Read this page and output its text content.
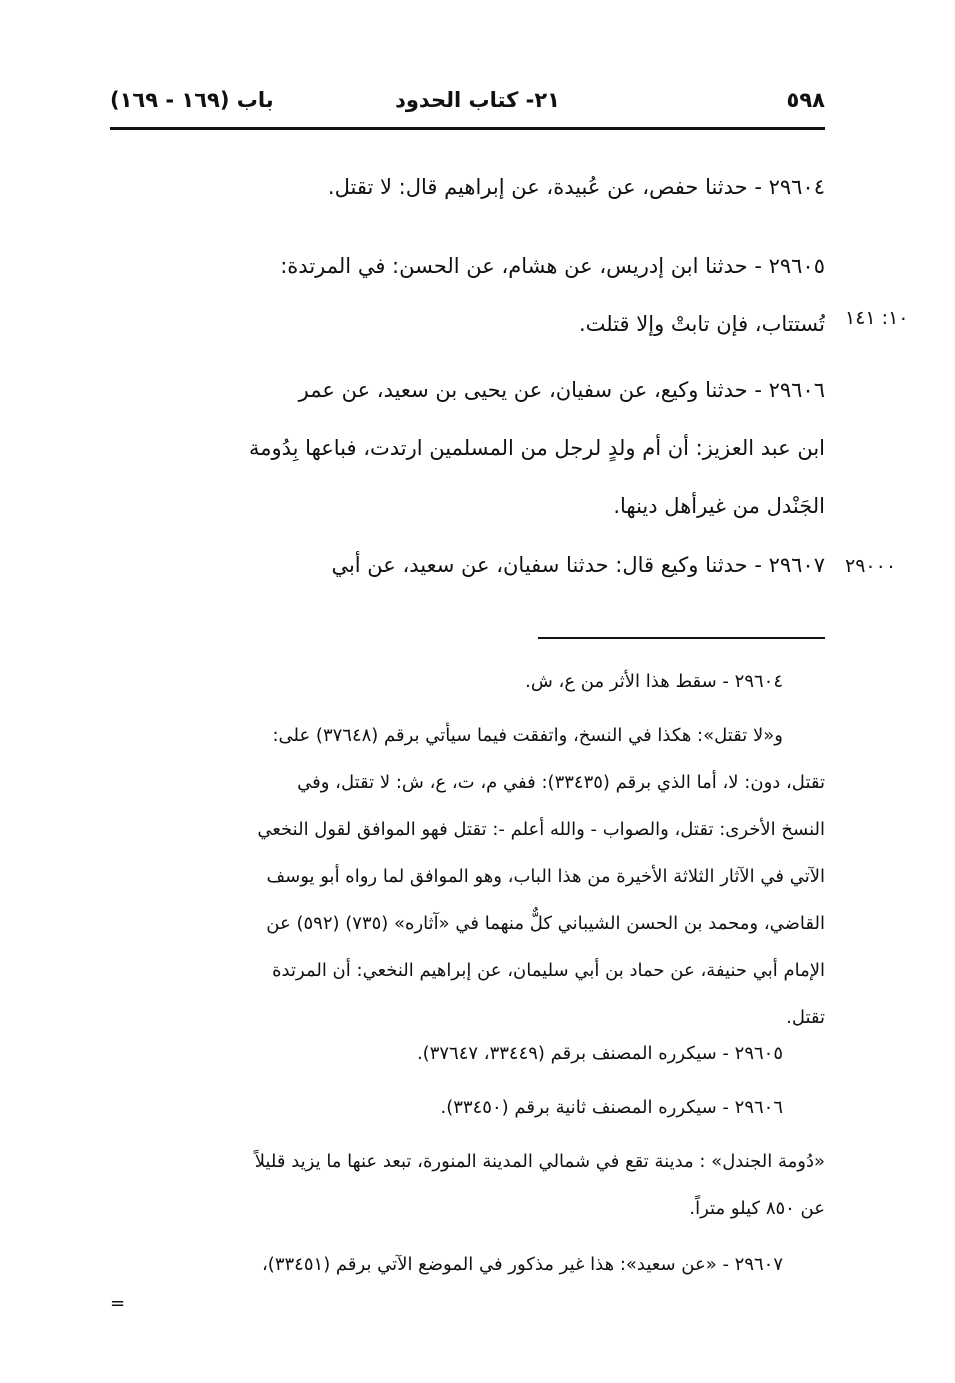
٥٩٨
٢١- كتاب الحدود
باب (١٦٩ - ١٦٩)
٢٩٦٠٤ - حدثنا حفص، عن عُبيدة، عن إبراهيم قال: لا تقتل.
٢٩٦٠٥ - حدثنا ابن إدريس، عن هشام، عن الحسن: في المرتدة:
تُستتاب، فإن تابتْ وإلا قتلت.
٢٩٦٠٦ - حدثنا وكيع، عن سفيان، عن يحيى بن سعيد، عن عمر
ابن عبد العزيز: أن أم ولدٍ لرجل من المسلمين ارتدت، فباعها بِدُومة
الجَنْدل من غيرأهل دينها.
٢٩٦٠٧ - حدثنا وكيع قال: حدثنا سفيان، عن سعيد، عن أبي
١٠: ١٤١
٢٩٠٠٠
٢٩٦٠٤ - سقط هذا الأثر من ع، ش.
و«لا تقتل»: هكذا في النسخ، واتفقت فيما سيأتي برقم (٣٧٦٤٨) على:
تقتل، دون: لا، أما الذي برقم (٣٣٤٣٥): ففي م، ت، ع، ش: لا تقتل، وفي
النسخ الأخرى: تقتل، والصواب - والله أعلم -: تقتل فهو الموافق لقول النخعي
الآتي في الآثار الثلاثة الأخيرة من هذا الباب، وهو الموافق لما رواه أبو يوسف
القاضي، ومحمد بن الحسن الشيباني كلٌّ منهما في «آثاره» (٧٣٥) (٥٩٢) عن
الإمام أبي حنيفة، عن حماد بن أبي سليمان، عن إبراهيم النخعي: أن المرتدة
تقتل.
٢٩٦٠٥ - سيكرره المصنف برقم (٣٣٤٤٩، ٣٧٦٤٧).
٢٩٦٠٦ - سيكرره المصنف ثانية برقم (٣٣٤٥٠).
«دُومة الجندل» : مدينة تقع في شمالي المدينة المنورة، تبعد عنها ما يزيد قليلاً
عن ٨٥٠ كيلو متراً.
٢٩٦٠٧ - «عن سعيد»: هذا غير مذكور في الموضع الآتي برقم (٣٣٤٥١)،
=
